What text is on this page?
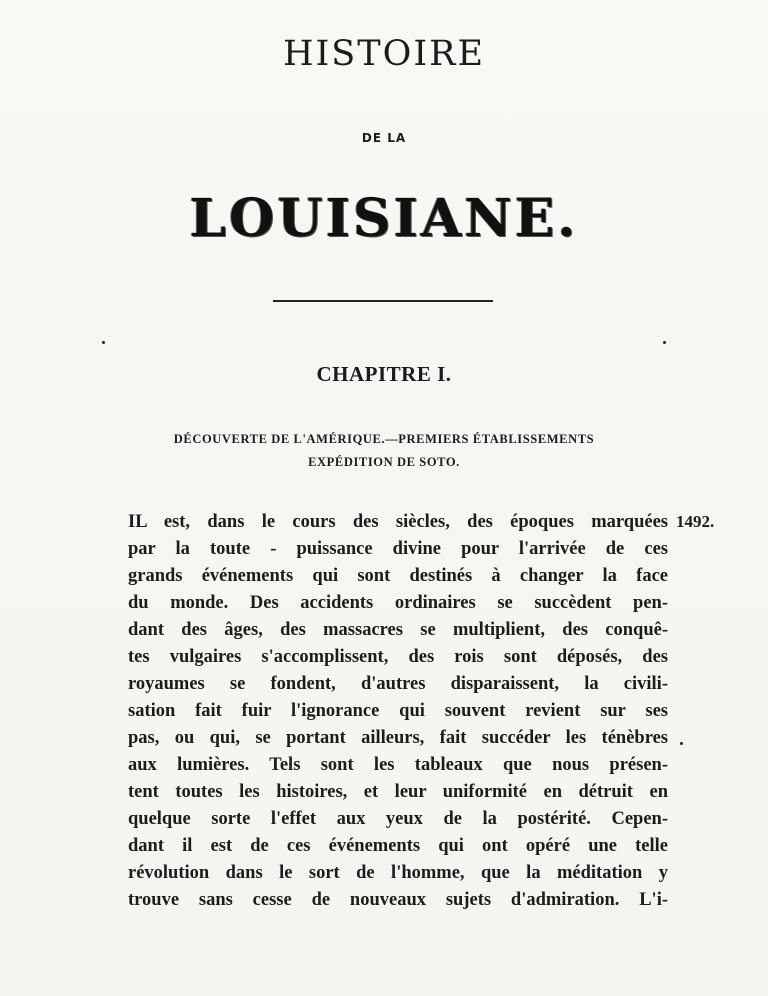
HISTOIRE
DE LA
LOUISIANE.
CHAPITRE I.
DÉCOUVERTE DE L'AMÉRIQUE.—PREMIERS ÉTABLISSEMENTS
EXPÉDITION DE SOTO.
1492.
IL est, dans le cours des siècles, des époques marquées
par la toute - puissance divine pour l'arrivée de ces
grands événements qui sont destinés à changer la face
du monde. Des accidents ordinaires se succèdent pen-
dant des âges, des massacres se multiplient, des conquê-
tes vulgaires s'accomplissent, des rois sont déposés, des
royaumes se fondent, d'autres disparaissent, la civili-
sation fait fuir l'ignorance qui souvent revient sur ses
pas, ou qui, se portant ailleurs, fait succéder les ténèbres
aux lumières. Tels sont les tableaux que nous présen-
tent toutes les histoires, et leur uniformité en détruit en
quelque sorte l'effet aux yeux de la postérité. Cepen-
dant il est de ces événements qui ont opéré une telle
révolution dans le sort de l'homme, que la méditation y
trouve sans cesse de nouveaux sujets d'admiration. L'i-
